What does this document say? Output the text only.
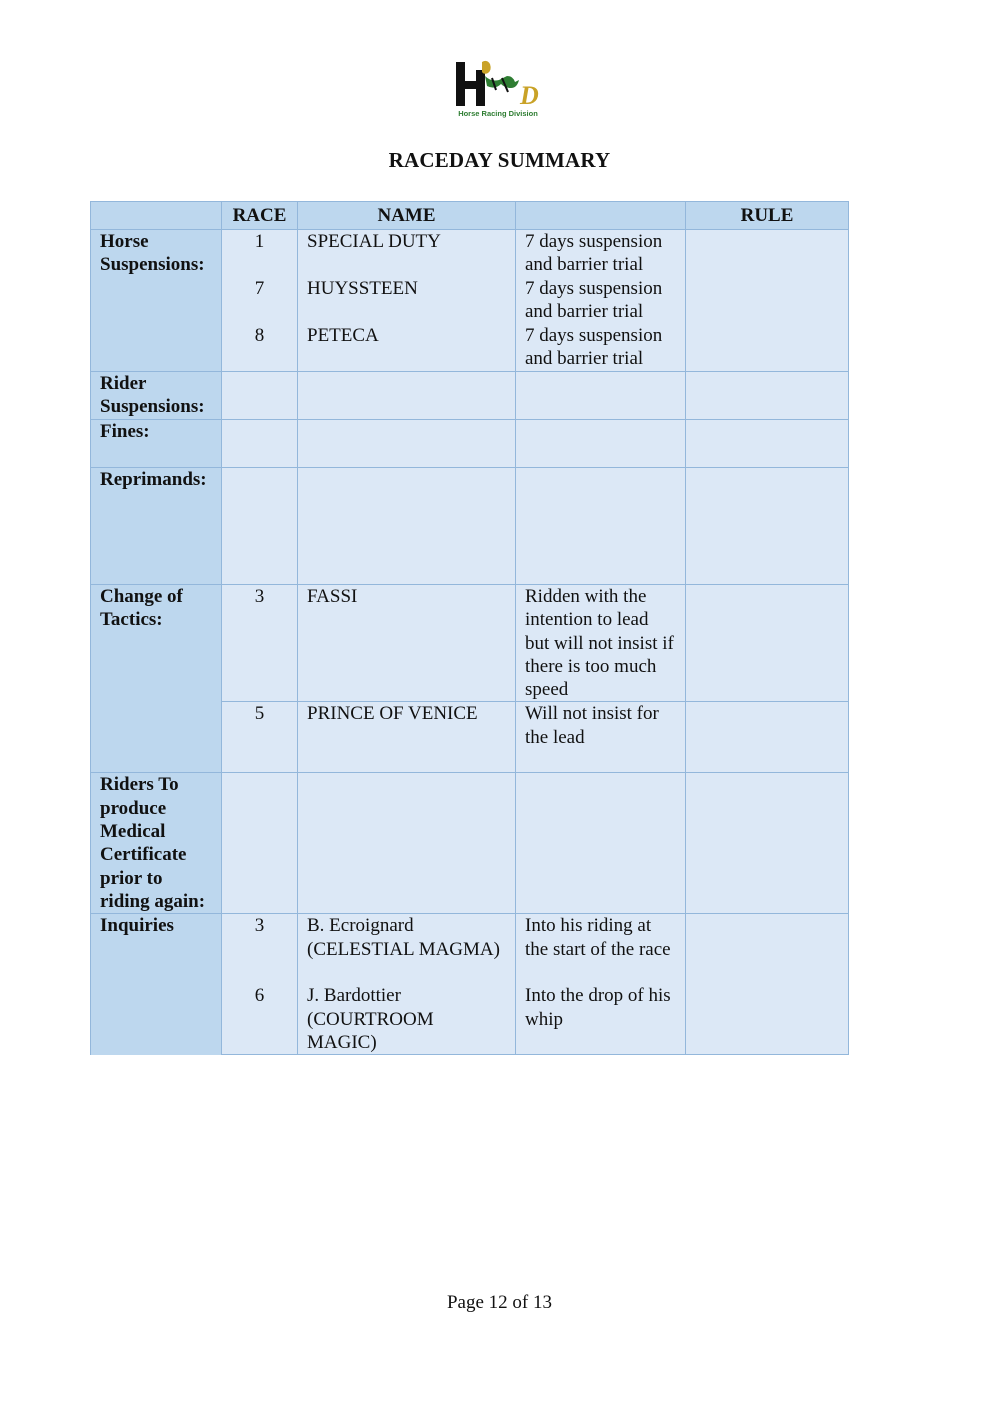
D
Horse Racing Division
RACEDAY SUMMARY
	RACE	NAME		RULE
Horse Suspensions:	1	SPECIAL DUTY	7 days suspension and barrier trial	
	7	HUYSSTEEN	7 days suspension and barrier trial	
	8	PETECA	7 days suspension and barrier trial	
Rider Suspensions:				
Fines:				
Reprimands:				
Change of Tactics:	3	FASSI	Ridden with the intention to lead but will not insist if there is too much speed	
	5	PRINCE OF VENICE	Will not insist for the lead	
Riders To produce Medical Certificate prior to riding again:				
Inquiries	3	B. Ecroignard (CELESTIAL MAGMA)	Into his riding at the start of the race	
	6	J. Bardottier (COURTROOM MAGIC)	Into the drop of his whip	
Page 12 of 13
